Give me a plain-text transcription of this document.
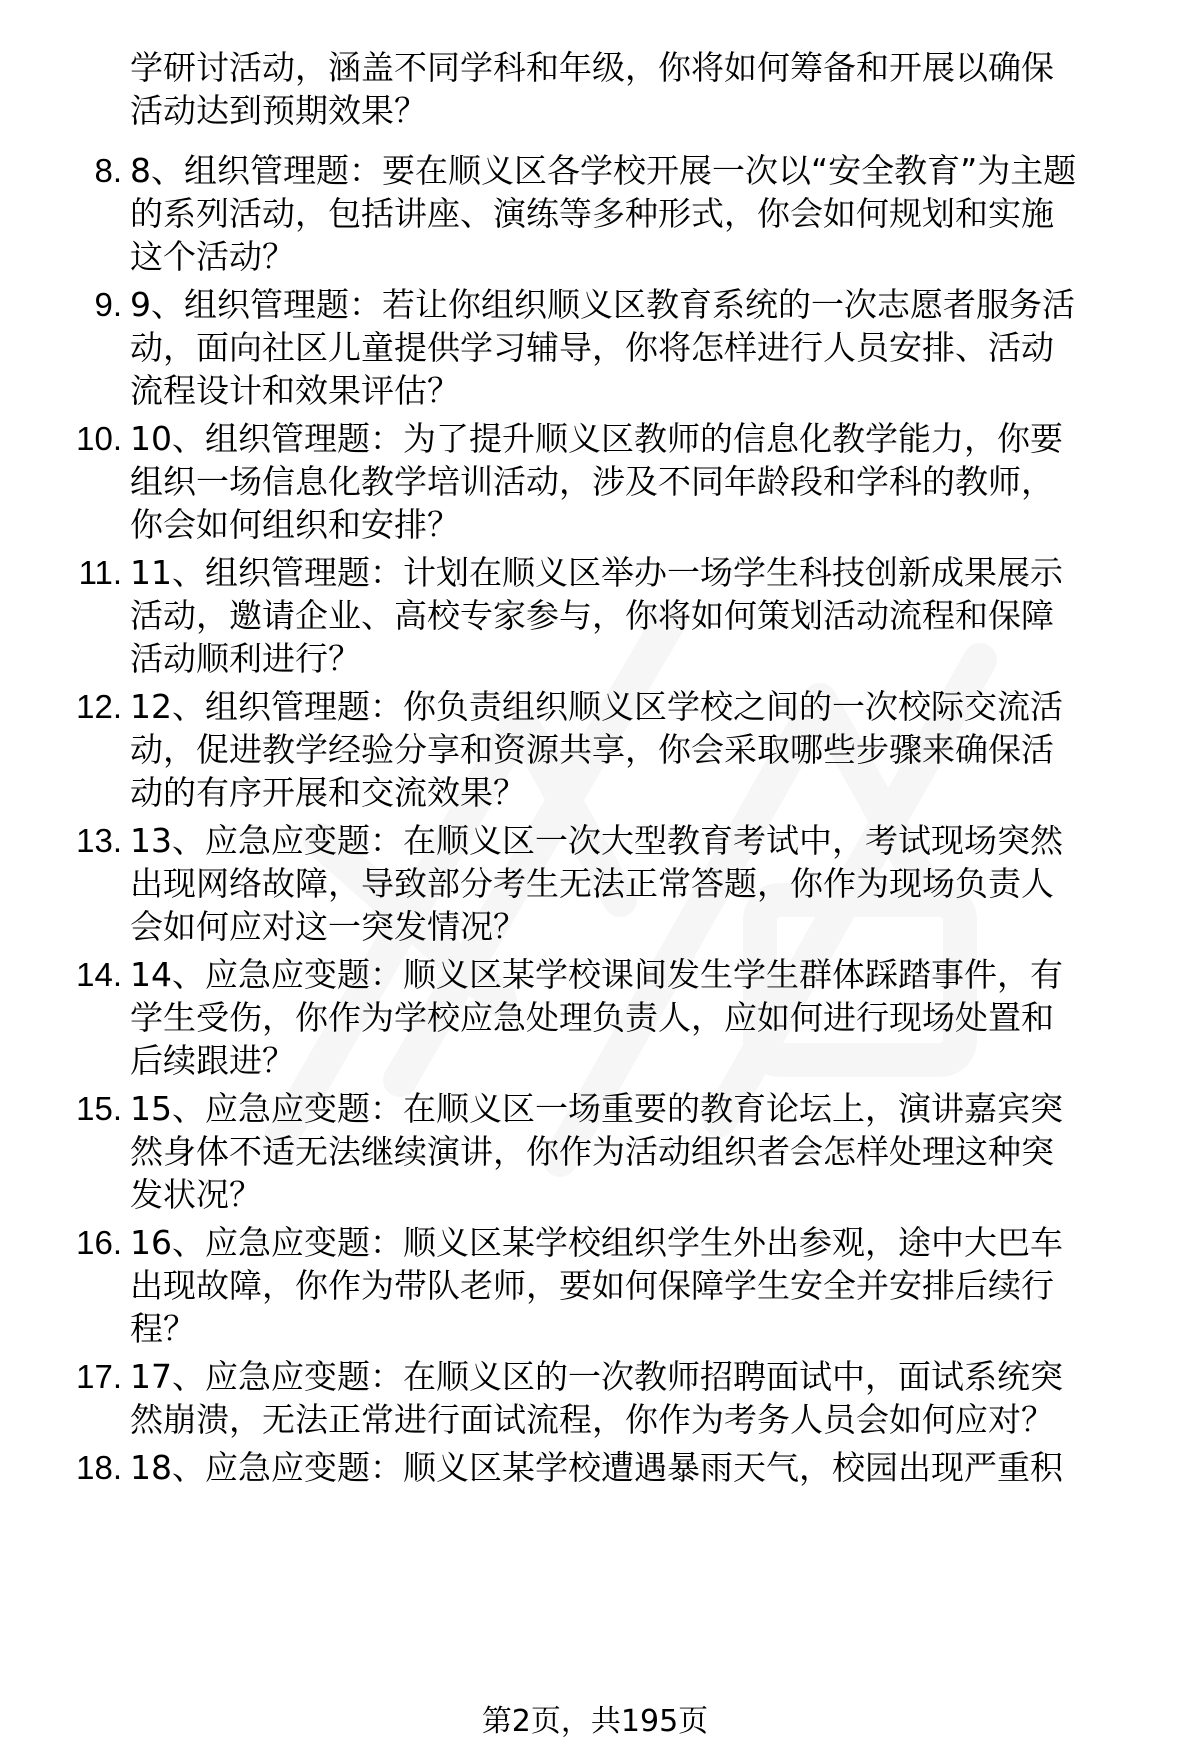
学研讨活动，涵盖不同学科和年级，你将如何筹备和开展以确保
活动达到预期效果？
8. 8、组织管理题：要在顺义区各学校开展一次以“安全教育”为主题
的系列活动，包括讲座、演练等多种形式，你会如何规划和实施
这个活动？
9. 9、组织管理题：若让你组织顺义区教育系统的一次志愿者服务活
动，面向社区儿童提供学习辅导，你将怎样进行人员安排、活动
流程设计和效果评估？
10. 10、组织管理题：为了提升顺义区教师的信息化教学能力，你要
组织一场信息化教学培训活动，涉及不同年龄段和学科的教师，
你会如何组织和安排？
11. 11、组织管理题：计划在顺义区举办一场学生科技创新成果展示
活动，邀请企业、高校专家参与，你将如何策划活动流程和保障
活动顺利进行？
12. 12、组织管理题：你负责组织顺义区学校之间的一次校际交流活
动，促进教学经验分享和资源共享，你会采取哪些步骤来确保活
动的有序开展和交流效果？
13. 13、应急应变题：在顺义区一次大型教育考试中，考试现场突然
出现网络故障，导致部分考生无法正常答题，你作为现场负责人
会如何应对这一突发情况？
14. 14、应急应变题：顺义区某学校课间发生学生群体踩踏事件，有
学生受伤，你作为学校应急处理负责人，应如何进行现场处置和
后续跟进？
15. 15、应急应变题：在顺义区一场重要的教育论坛上，演讲嘉宾突
然身体不适无法继续演讲，你作为活动组织者会怎样处理这种突
发状况？
16. 16、应急应变题：顺义区某学校组织学生外出参观，途中大巴车
出现故障，你作为带队老师，要如何保障学生安全并安排后续行
程？
17. 17、应急应变题：在顺义区的一次教师招聘面试中，面试系统突
然崩溃，无法正常进行面试流程，你作为考务人员会如何应对？
18. 18、应急应变题：顺义区某学校遭遇暴雨天气，校园出现严重积
第2页，共195页
